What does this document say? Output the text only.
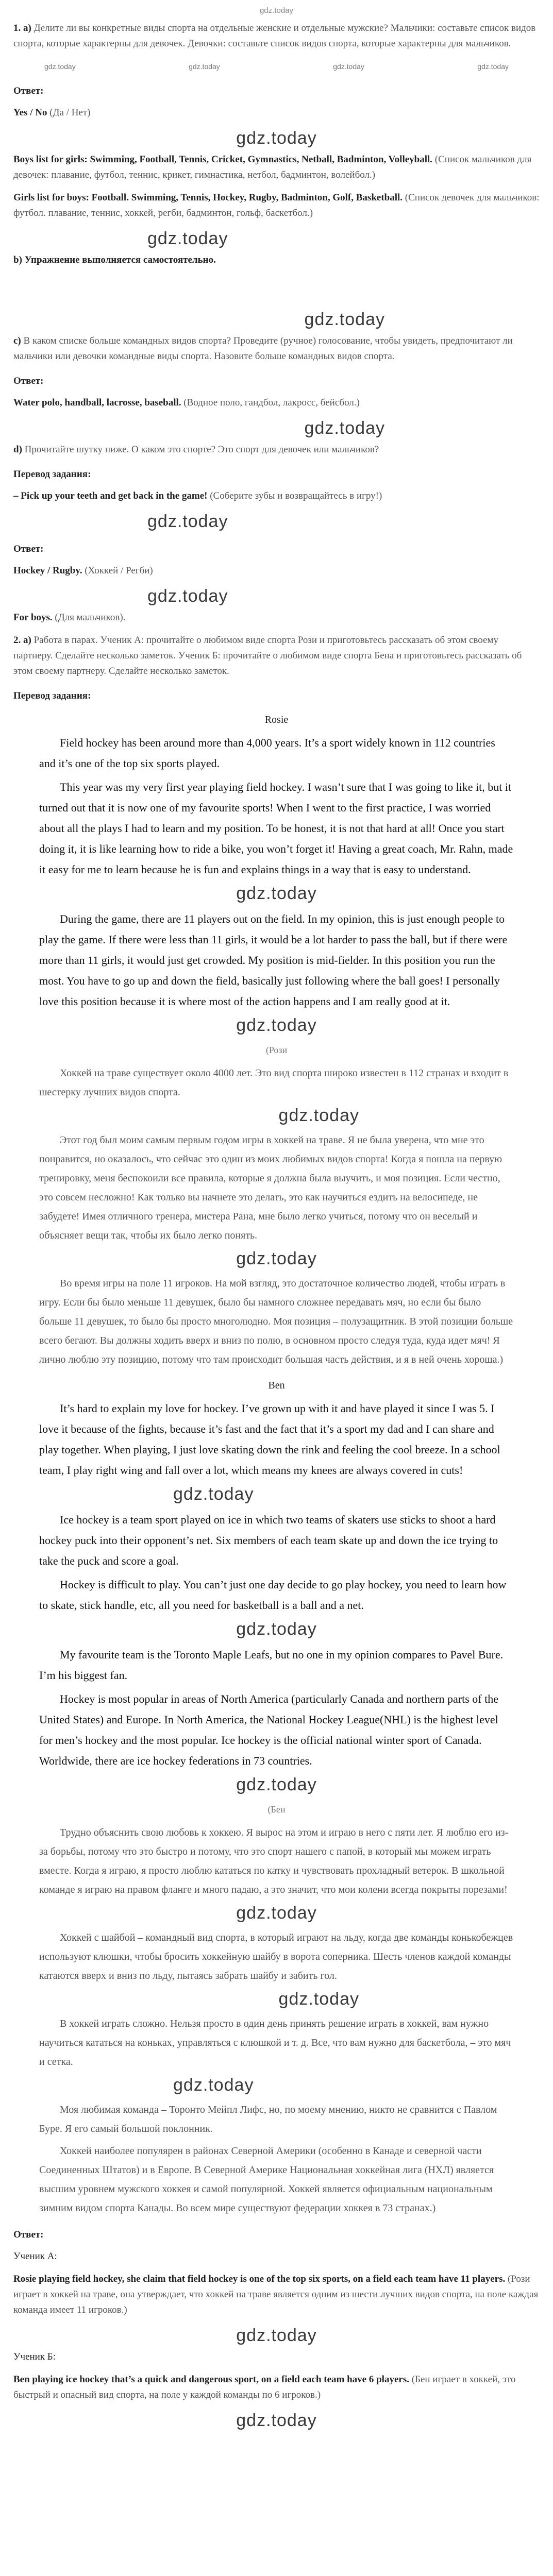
gdz.today

1. a) Делите ли вы конкретные виды спорта на отдельные женские и отдельные мужские? Мальчики: составьте список видов спорта, которые характерны для девочек. Девочки: составьте список видов спорта, которые характерны для мальчиков.

gdz.today	gdz.today	gdz.today	gdz.today
Ответ:

Yes / No (Да / Нет)

gdz.today

Boys list for girls: Swimming, Football, Tennis, Cricket, Gymnastics, Netball, Badminton, Volleyball. (Список мальчиков для девочек: плавание, футбол, теннис, крикет, гимнастика, нетбол, бадминтон, волейбол.)

Girls list for boys: Football. Swimming, Tennis, Hockey, Rugby, Badminton, Golf, Basketball. (Список девочек для мальчиков: футбол. плавание, теннис, хоккей, регби, бадминтон, гольф, баскетбол.)

gdz.today

b) Упражнение выполняется самостоятельно.

gdz.today

c) В каком списке больше командных видов спорта? Проведите (ручное) голосование, чтобы увидеть, предпочитают ли мальчики или девочки командные виды спорта. Назовите больше командных видов спорта.

Ответ:

Water polo, handball, lacrosse, baseball. (Водное поло, гандбол, лакросс, бейсбол.)

gdz.today

d) Прочитайте шутку ниже. О каком это спорте? Это спорт для девочек или мальчиков?

Перевод задания:

– Pick up your teeth and get back in the game! (Соберите зубы и возвращайтесь в игру!)

gdz.today
Ответ:

Hockey / Rugby. (Хоккей / Регби)

gdz.today

For boys. (Для мальчиков).

2. a) Работа в парах. Ученик А: прочитайте о любимом виде спорта Рози и приготовьтесь рассказать об этом своему партнеру. Сделайте несколько заметок. Ученик Б: прочитайте о любимом виде спорта Бена и приготовьтесь рассказать об этом своему партнеру. Сделайте несколько заметок.

Перевод задания:
Rosie

Field hockey has been around more than 4,000 years. It’s a sport widely known in 112 countries and it’s one of the top six sports played.

This year was my very first year playing field hockey. I wasn’t sure that I was going to like it, but it turned out that it is now one of my favourite sports! When I went to the first practice, I was worried about all the plays I had to learn and my position. To be honest, it is not that hard at all! Once you start doing it, it is like learning how to ride a bike, you won’t forget it! Having a great coach, Mr. Rahn, made it easy for me to learn because he is fun and explains things in a way that is easy to understand.

gdz.today

During the game, there are 11 players out on the field. In my opinion, this is just enough people to play the game. If there were less than 11 girls, it would be a lot harder to pass the ball, but if there were more than 11 girls, it would just get crowded. My position is mid-fielder. In this position you run the most. You have to go up and down the field, basically just following where the ball goes! I personally love this position because it is where most of the action happens and I am really good at it.

gdz.today
(Рози

Хоккей на траве существует около 4000 лет. Это вид спорта широко известен в 112 странах и входит в шестерку лучших видов спорта.

gdz.today

Этот год был моим самым первым годом игры в хоккей на траве. Я не была уверена, что мне это понравится, но оказалось, что сейчас это один из моих любимых видов спорта! Когда я пошла на первую тренировку, меня беспокоили все правила, которые я должна была выучить, и моя позиция. Если честно, это совсем несложно! Как только вы начнете это делать, это как научиться ездить на велосипеде, не забудете! Имея отличного тренера, мистера Рана, мне было легко учиться, потому что он веселый и объясняет вещи так, чтобы их было легко понять.

gdz.today

Во время игры на поле 11 игроков. На мой взгляд, это достаточное количество людей, чтобы играть в игру. Если бы было меньше 11 девушек, было бы намного сложнее передавать мяч, но если бы было больше 11 девушек, то было бы просто многолюдно. Моя позиция – полузащитник. В этой позиции больше всего бегают. Вы должны ходить вверх и вниз по полю, в основном просто следуя туда, куда идет мяч! Я лично люблю эту позицию, потому что там происходит большая часть действия, и я в ней очень хороша.)

Ben

It’s hard to explain my love for hockey. I’ve grown up with it and have played it since I was 5. I love it because of the fights, because it’s fast and the fact that it’s a sport my dad and I can share and play together. When playing, I just love skating down the rink and feeling the cool breeze. In a school team, I play right wing and fall over a lot, which means my knees are always covered in cuts!

gdz.today

Ice hockey is a team sport played on ice in which two teams of skaters use sticks to shoot a hard hockey puck into their opponent’s net. Six members of each team skate up and down the ice trying to take the puck and score a goal.

Hockey is difficult to play. You can’t just one day decide to go play hockey, you need to learn how to skate, stick handle, etc, all you need for basketball is a ball and a net.

gdz.today

My favourite team is the Toronto Maple Leafs, but no one in my opinion compares to Pavel Bure. I’m his biggest fan.

Hockey is most popular in areas of North America (particularly Canada and northern parts of the United States) and Europe. In North America, the National Hockey League(NHL) is the highest level for men’s hockey and the most popular. Ice hockey is the official national winter sport of Canada. Worldwide, there are ice hockey federations in 73 countries.

gdz.today
(Бен

Трудно объяснить свою любовь к хоккею. Я вырос на этом и играю в него с пяти лет. Я люблю его из-за борьбы, потому что это быстро и потому, что это спорт нашего с папой, в который мы можем играть вместе. Когда я играю, я просто люблю кататься по катку и чувствовать прохладный ветерок. В школьной команде я играю на правом фланге и много падаю, а это значит, что мои колени всегда покрыты порезами!

gdz.today

Хоккей с шайбой – командный вид спорта, в который играют на льду, когда две команды конькобежцев используют клюшки, чтобы бросить хоккейную шайбу в ворота соперника. Шесть членов каждой команды катаются вверх и вниз по льду, пытаясь забрать шайбу и забить гол.

gdz.today

В хоккей играть сложно. Нельзя просто в один день принять решение играть в хоккей, вам нужно научиться кататься на коньках, управляться с клюшкой и т. д. Все, что вам нужно для баскетбола, – это мяч и сетка.

gdz.today

Моя любимая команда – Торонто Мейпл Лифс, но, по моему мнению, никто не сравнится с Павлом Буре. Я его самый большой поклонник.

Хоккей наиболее популярен в районах Северной Америки (особенно в Канаде и северной части Соединенных Штатов) и в Европе. В Северной Америке Национальная хоккейная лига (НХЛ) является высшим уровнем мужского хоккея и самой популярной. Хоккей является официальным национальным зимним видом спорта Канады. Во всем мире существуют федерации хоккея в 73 странах.)

Ответ:

Ученик А:

Rosie playing field hockey, she claim that field hockey is one of the top six sports, on a field each team have 11 players. (Рози играет в хоккей на траве, она утверждает, что хоккей на траве является одним из шести лучших видов спорта, на поле каждая команда имеет 11 игроков.)

gdz.today

Ученик Б:

Ben playing ice hockey that’s a quick and dangerous sport, on a field each team have 6 players. (Бен играет в хоккей, это быстрый и опасный вид спорта, на поле у каждой команды по 6 игроков.)

gdz.today
